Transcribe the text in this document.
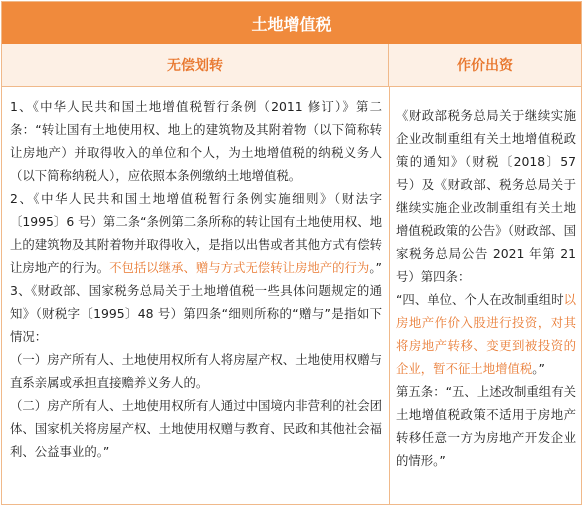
土地增值税
无偿划转	作价出资

1、《中华人民共和国土地增值税暂行条例（2011 修订）》第二条：“转让国有土地使用权、地上的建筑物及其附着物（以下简称转让房地产）并取得收入的单位和个人，为土地增值税的纳税义务人（以下简称纳税人），应依照本条例缴纳土地增值税。

2、《中华人民共和国土地增值税暂行条例实施细则》（财法字〔1995〕6 号）第二条“条例第二条所称的转让国有土地使用权、地上的建筑物及其附着物并取得收入，是指以出售或者其他方式有偿转让房地产的行为。不包括以继承、赠与方式无偿转让房地产的行为。”

3、《财政部、国家税务总局关于土地增值税一些具体问题规定的通知》（财税字〔1995〕48 号）第四条“细则所称的“赠与”是指如下情况：

（一）房产所有人、土地使用权所有人将房屋产权、土地使用权赠与直系亲属或承担直接赡养义务人的。

（二）房产所有人、土地使用权所有人通过中国境内非营利的社会团体、国家机关将房屋产权、土地使用权赠与教育、民政和其他社会福利、公益事业的。”

《财政部税务总局关于继续实施企业改制重组有关土地增值税政策的通知》（财税〔2018〕57 号）及《财政部、税务总局关于继续实施企业改制重组有关土地增值税政策的公告》（财政部、国家税务总局公告 2021 年第 21 号）第四条：

“四、单位、个人在改制重组时以房地产作价入股进行投资，对其将房地产转移、变更到被投资的企业，暂不征土地增值税。”

第五条：“五、上述改制重组有关土地增值税政策不适用于房地产转移任意一方为房地产开发企业的情形。”
